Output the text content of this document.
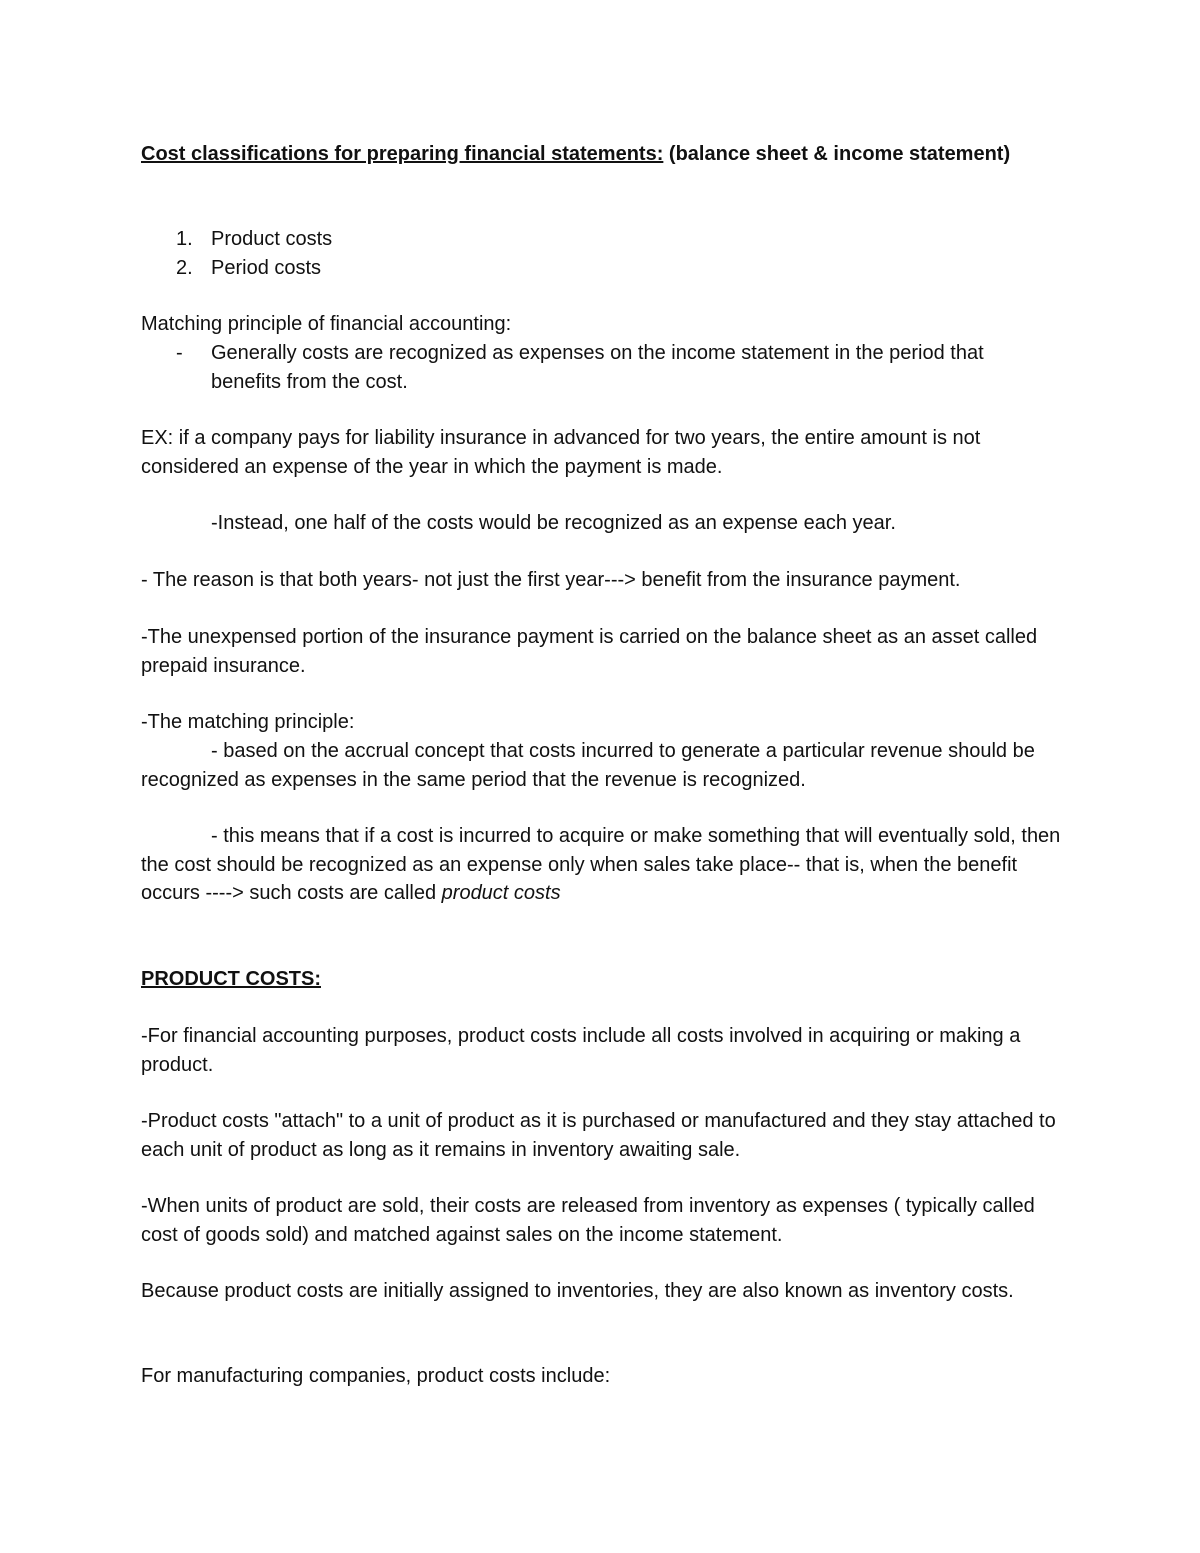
Cost classifications for preparing financial statements: (balance sheet & income statement)

1. Product costs
2. Period costs

Matching principle of financial accounting:

- Generally costs are recognized as expenses on the income statement in the period that benefits from the cost.

EX: if a company pays for liability insurance in advanced for two years, the entire amount is not considered an expense of the year in which the payment is made.

-Instead, one half of the costs would be recognized as an expense each year.

- The reason is that both years- not just the first year---> benefit from the insurance payment.

-The unexpensed portion of the insurance payment is carried on the balance sheet as an asset called prepaid insurance.

-The matching principle:

- based on the accrual concept that costs incurred to generate a particular revenue should be recognized as expenses in the same period that the revenue is recognized.

- this means that if a cost is incurred to acquire or make something that will eventually sold, then the cost should be recognized as an expense only when sales take place-- that is, when the benefit occurs ----> such costs are called product costs

PRODUCT COSTS:

-For financial accounting purposes, product costs include all costs involved in acquiring or making a product.

-Product costs "attach" to a unit of product as it is purchased or manufactured and they stay attached to each unit of product as long as it remains in inventory awaiting sale.

-When units of product are sold, their costs are released from inventory as expenses ( typically called cost of goods sold) and matched against sales on the income statement.

Because product costs are initially assigned to inventories, they are also known as inventory costs.

For manufacturing companies, product costs include:
